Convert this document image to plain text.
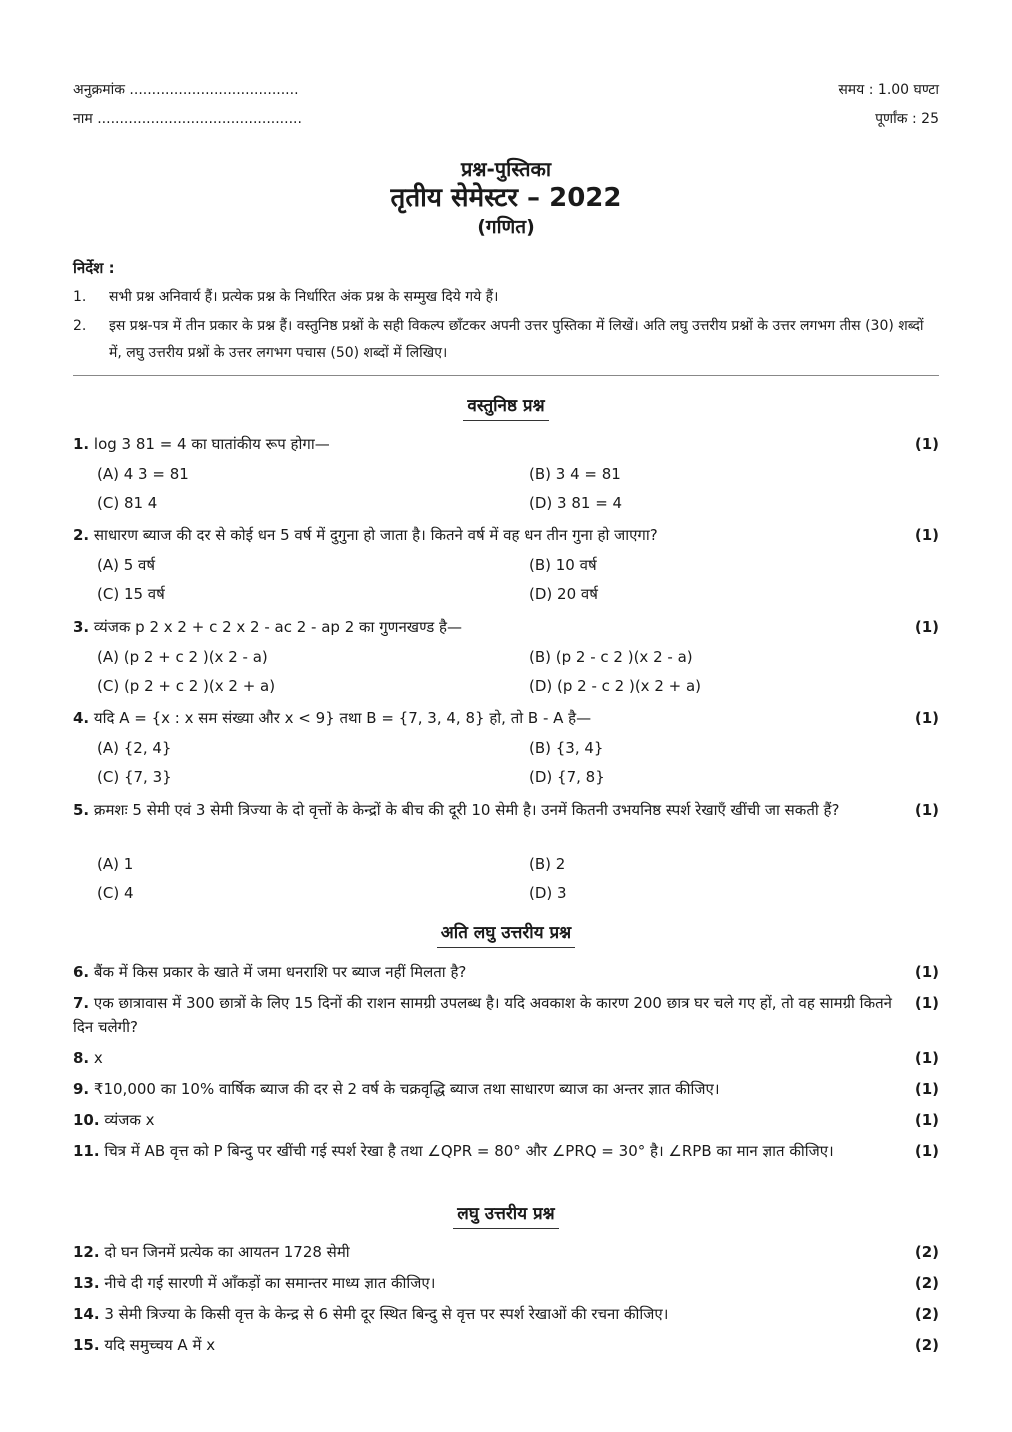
अनुक्रमांक ......................................	समय : 1.00 घण्टा
नाम ..............................................	पूर्णांक : 25
प्रश्न-पुस्तिका
तृतीय सेमेस्टर – 2022
(गणित)
निर्देश :
1. सभी प्रश्न अनिवार्य हैं। प्रत्येक प्रश्न के निर्धारित अंक प्रश्न के सम्मुख दिये गये हैं।
2. इस प्रश्न-पत्र में तीन प्रकार के प्रश्न हैं। वस्तुनिष्ठ प्रश्नों के सही विकल्प छाँटकर अपनी उत्तर पुस्तिका में लिखें। अति लघु उत्तरीय प्रश्नों के उत्तर लगभग तीस (30) शब्दों में, लघु उत्तरीय प्रश्नों के उत्तर लगभग पचास (50) शब्दों में लिखिए।
वस्तुनिष्ठ प्रश्न
1. log 3 81 = 4 का घातांकीय रूप होगा—	(1)
(A) 4 3 = 81	(B) 3 4 = 81
(C) 81 4	(D) 3 81 = 4
2. साधारण ब्याज की दर से कोई धन 5 वर्ष में दुगुना हो जाता है। कितने वर्ष में वह धन तीन गुना हो जाएगा?	(1)
(A) 5 वर्ष	(B) 10 वर्ष
(C) 15 वर्ष	(D) 20 वर्ष
3. व्यंजक p 2 x 2 + c 2 x 2 - ac 2 - ap 2 का गुणनखण्ड है—	(1)
(A) (p 2 + c 2 )(x 2 - a)	(B) (p 2 - c 2 )(x 2 - a)
(C) (p 2 + c 2 )(x 2 + a)	(D) (p 2 - c 2 )(x 2 + a)
4. यदि A = {x : x सम संख्या और x < 9} तथा B = {7, 3, 4, 8} हो, तो B - A है—	(1)
(A) {2, 4}	(B) {3, 4}
(C) {7, 3}	(D) {7, 8}
5. क्रमशः 5 सेमी एवं 3 सेमी त्रिज्या के दो वृत्तों के केन्द्रों के बीच की दूरी 10 सेमी है। उनमें कितनी उभयनिष्ठ स्पर्श रेखाएँ खींची जा सकती हैं?	(1)
(A) 1	(B) 2
(C) 4	(D) 3
अति लघु उत्तरीय प्रश्न
6. बैंक में किस प्रकार के खाते में जमा धनराशि पर ब्याज नहीं मिलता है?	(1)
7. एक छात्रावास में 300 छात्रों के लिए 15 दिनों की राशन सामग्री उपलब्ध है। यदि अवकाश के कारण 200 छात्र घर चले गए हों, तो वह सामग्री कितने दिन चलेगी?
(1)
8. x	(1)
9. ₹10,000 का 10% वार्षिक ब्याज की दर से 2 वर्ष के चक्रवृद्धि ब्याज तथा साधारण ब्याज का अन्तर ज्ञात कीजिए।	(1)
10. व्यंजक x	(1)
11. चित्र में AB वृत्त को P बिन्दु पर खींची गई स्पर्श रेखा है तथा ∠QPR = 80° और ∠PRQ = 30° है। ∠RPB का मान ज्ञात कीजिए।	(1)
लघु उत्तरीय प्रश्न
12. दो घन जिनमें प्रत्येक का आयतन 1728 सेमी	(2)
13. नीचे दी गई सारणी में आँकड़ों का समान्तर माध्य ज्ञात कीजिए।	(2)
14. 3 सेमी त्रिज्या के किसी वृत्त के केन्द्र से 6 सेमी दूर स्थित बिन्दु से वृत्त पर स्पर्श रेखाओं की रचना कीजिए।	(2)
15. यदि समुच्चय A में x	(2)
